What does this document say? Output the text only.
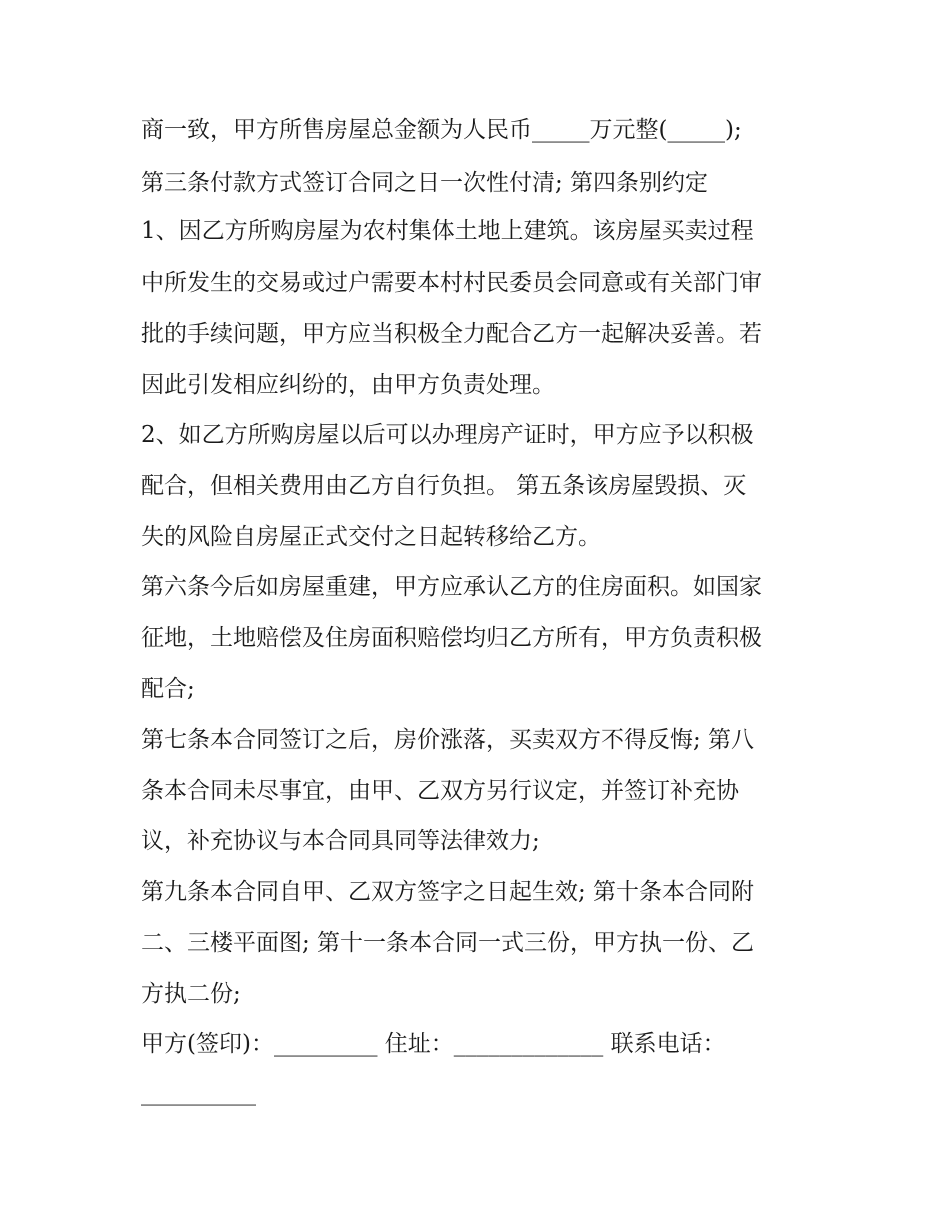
商一致，甲方所售房屋总金额为人民币_____万元整(_____);

第三条付款方式签订合同之日一次性付清; 第四条别约定

1、因乙方所购房屋为农村集体土地上建筑。该房屋买卖过程

中所发生的交易或过户需要本村村民委员会同意或有关部门审

批的手续问题，甲方应当积极全力配合乙方一起解决妥善。若

因此引发相应纠纷的，由甲方负责处理。

2、如乙方所购房屋以后可以办理房产证时，甲方应予以积极

配合，但相关费用由乙方自行负担。 第五条该房屋毁损、灭

失的风险自房屋正式交付之日起转移给乙方。

第六条今后如房屋重建，甲方应承认乙方的住房面积。如国家

征地，土地赔偿及住房面积赔偿均归乙方所有，甲方负责积极

配合;

第七条本合同签订之后，房价涨落，买卖双方不得反悔; 第八

条本合同未尽事宜，由甲、乙双方另行议定，并签订补充协

议，补充协议与本合同具同等法律效力;

第九条本合同自甲、乙双方签字之日起生效; 第十条本合同附

二、三楼平面图; 第十一条本合同一式三份，甲方执一份、乙

方执二份;

甲方(签印)：_________ 住址：_____________ 联系电话：

__________
